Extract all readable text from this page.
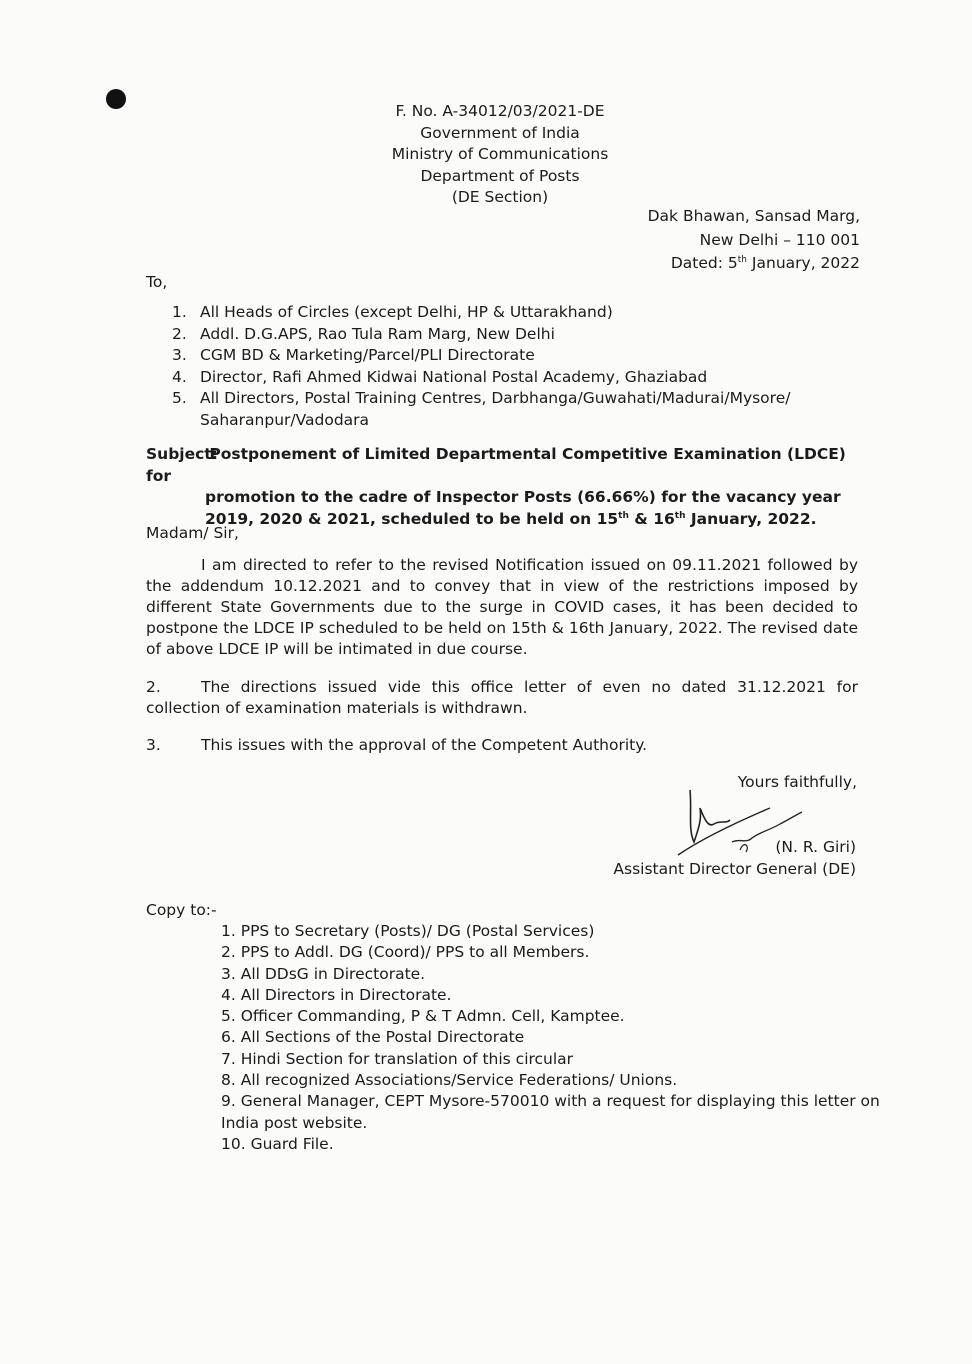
F. No. A-34012/03/2021-DE
Government of India
Ministry of Communications
Department of Posts
(DE Section)
Dak Bhawan, Sansad Marg,
New Delhi – 110 001
Dated: 5th January, 2022
To,
1. All Heads of Circles (except Delhi, HP & Uttarakhand)
2. Addl. D.G.APS, Rao Tula Ram Marg, New Delhi
3. CGM BD & Marketing/Parcel/PLI Directorate
4. Director, Rafi Ahmed Kidwai National Postal Academy, Ghaziabad
5. All Directors, Postal Training Centres, Darbhanga/Guwahati/Madurai/Mysore/
Saharanpur/Vadodara
Subject: Postponement of Limited Departmental Competitive Examination (LDCE) for
promotion to the cadre of Inspector Posts (66.66%) for the vacancy year
2019, 2020 & 2021, scheduled to be held on 15th & 16th January, 2022.
Madam/ Sir,
I am directed to refer to the revised Notification issued on 09.11.2021 followed by the addendum 10.12.2021 and to convey that in view of the restrictions imposed by different State Governments due to the surge in COVID cases, it has been decided to postpone the LDCE IP scheduled to be held on 15th & 16th January, 2022. The revised date of above LDCE IP will be intimated in due course.
2.	The directions issued vide this office letter of even no dated 31.12.2021 for collection of examination materials is withdrawn.
3.	This issues with the approval of the Competent Authority.
Yours faithfully,
(N. R. Giri)
Assistant Director General (DE)
Copy to:-
1. PPS to Secretary (Posts)/ DG (Postal Services)
2. PPS to Addl. DG (Coord)/ PPS to all Members.
3. All DDsG in Directorate.
4. All Directors in Directorate.
5. Officer Commanding, P & T Admn. Cell, Kamptee.
6. All Sections of the Postal Directorate
7. Hindi Section for translation of this circular
8. All recognized Associations/Service Federations/ Unions.
9. General Manager, CEPT Mysore-570010 with a request for displaying this letter on India post website.
10. Guard File.
